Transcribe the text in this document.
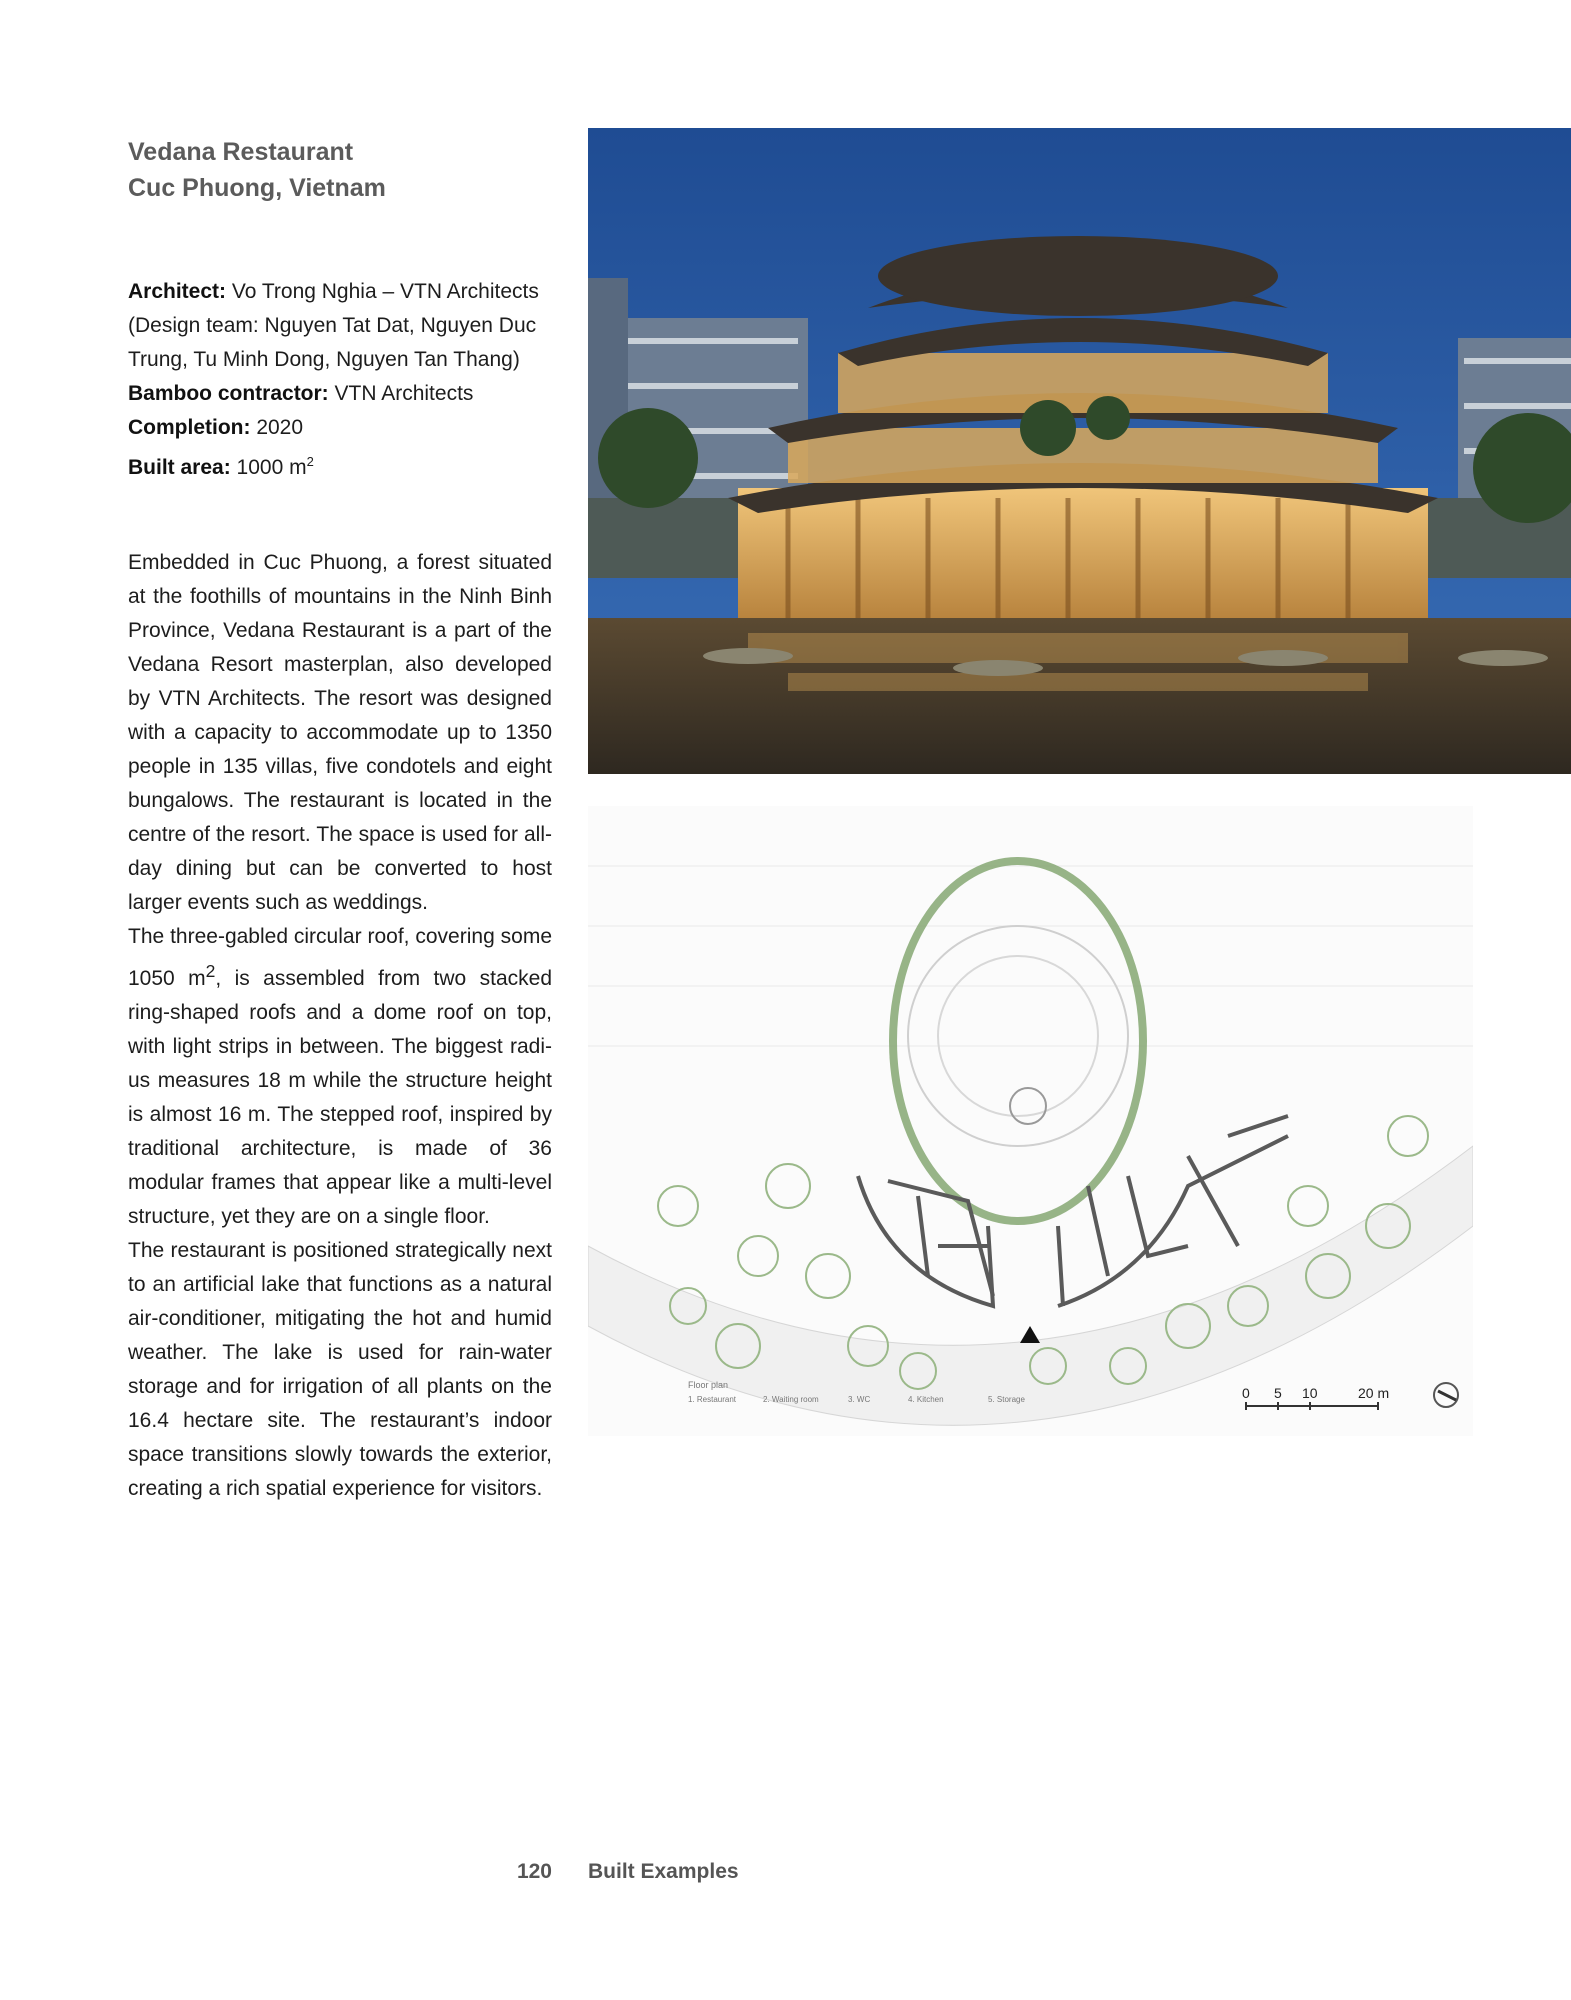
Vedana Restaurant
Cuc Phuong, Vietnam
Architect: Vo Trong Nghia – VTN Architects (Design team: Nguyen Tat Dat, Nguyen Duc Trung, Tu Minh Dong, Nguyen Tan Thang)
Bamboo contractor: VTN Architects
Completion: 2020
Built area: 1000 $m^2$

Embedded in Cuc Phuong, a forest situated at the foothills of mountains in the Ninh Binh Province, Vedana Restaurant is a part of the Vedana Resort masterplan, also developed by VTN Architects. The resort was designed with a capacity to accommodate up to 1350 people in 135 villas, five condotels and eight bungalows. The restaurant is located in the centre of the resort. The space is used for all-day dining but can be converted to host larger events such as weddings.

The three-gabled circular roof, covering some 1050 $m^2$, is assembled from two stacked ring-shaped roofs and a dome roof on top, with light strips in between. The biggest radi-us measures 18 m while the structure height is almost 16 m. The stepped roof, inspired by traditional architecture, is made of 36 modular frames that appear like a multi-level structure, yet they are on a single floor.

The restaurant is positioned strategically next to an artificial lake that functions as a natural air-conditioner, mitigating the hot and humid weather. The lake is used for rain-water storage and for irrigation of all plants on the 16.4 hectare site. The restaurant’s indoor space transitions slowly towards the exterior, creating a rich spatial experience for visitors.

Floor plan
1. Restaurant	2. Waiting room	3. WC	4. Kitchen	5. Storage	0 5 10	20 m
120 Built Examples
